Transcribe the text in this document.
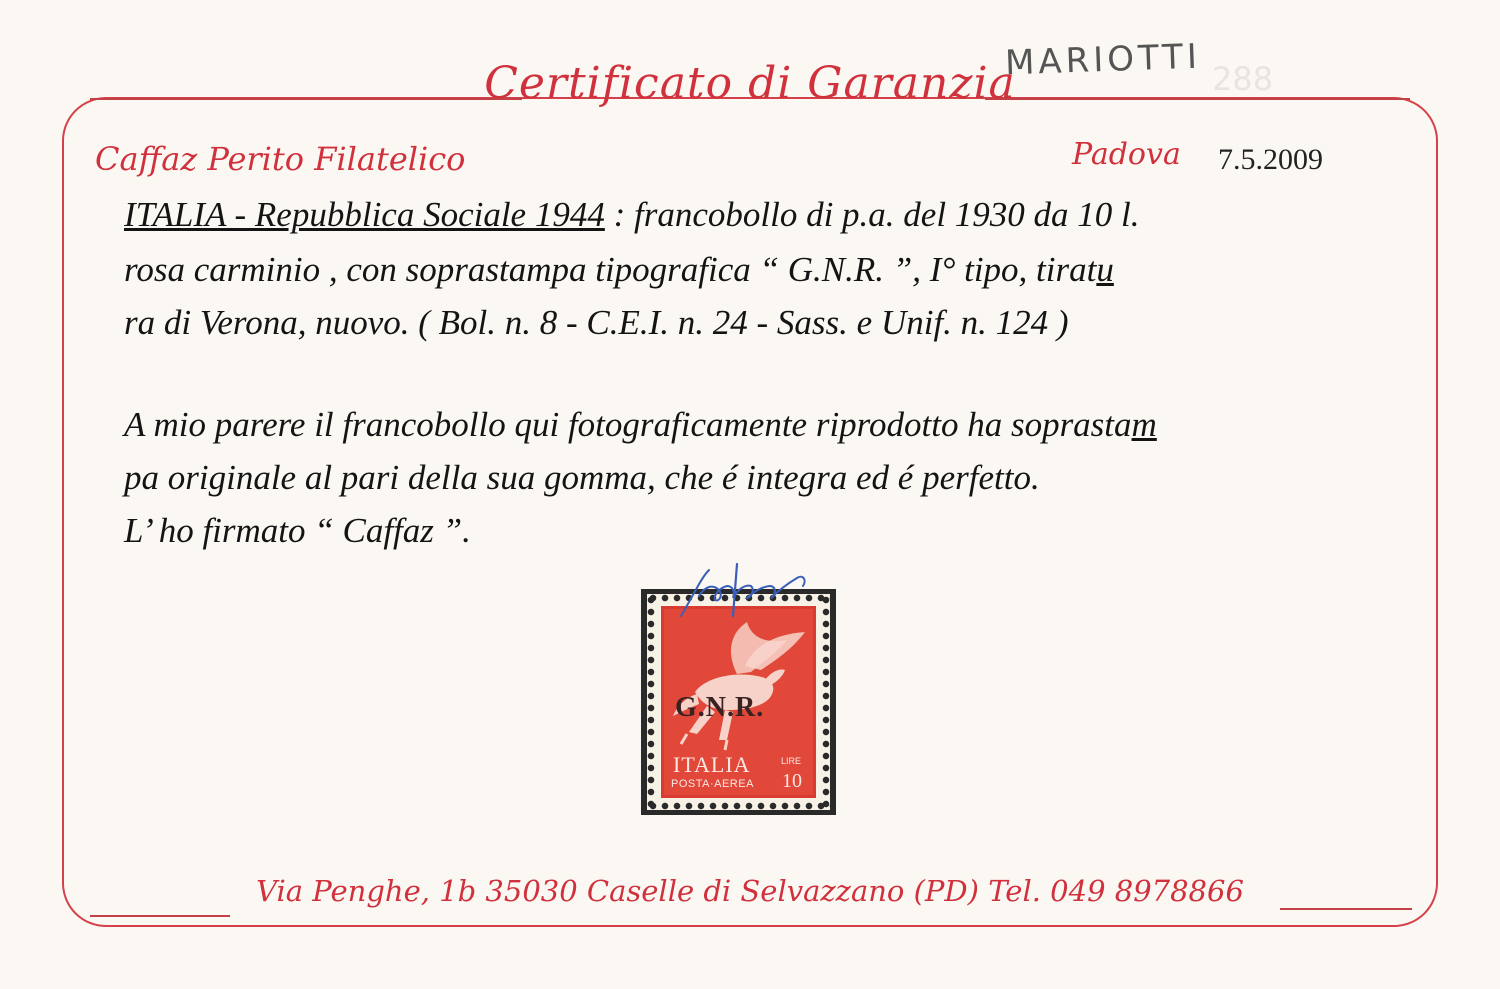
Certificato di Garanzia
MARIOTTI 288
Caffaz Perito Filatelico	Padova 7.5.2009
ITALIA - Repubblica Sociale 1944 : francobollo di p.a. del 1930 da 10 l.
rosa carminio , con soprastampa tipografica “ G.N.R. ”, I° tipo, tiratu
ra di Verona, nuovo. ( Bol. n. 8 - C.E.I. n. 24 - Sass. e Unif. n. 124 )
A mio parere il francobollo qui fotograficamente riprodotto ha soprastam
pa originale al pari della sua gomma, che é integra ed é perfetto.
L’ ho firmato “ Caffaz ”.
G.N.R.
ITALIA	LIRE
POSTA·AEREA 10
Via Penghe, 1b 35030 Caselle di Selvazzano (PD) Tel. 049 8978866
